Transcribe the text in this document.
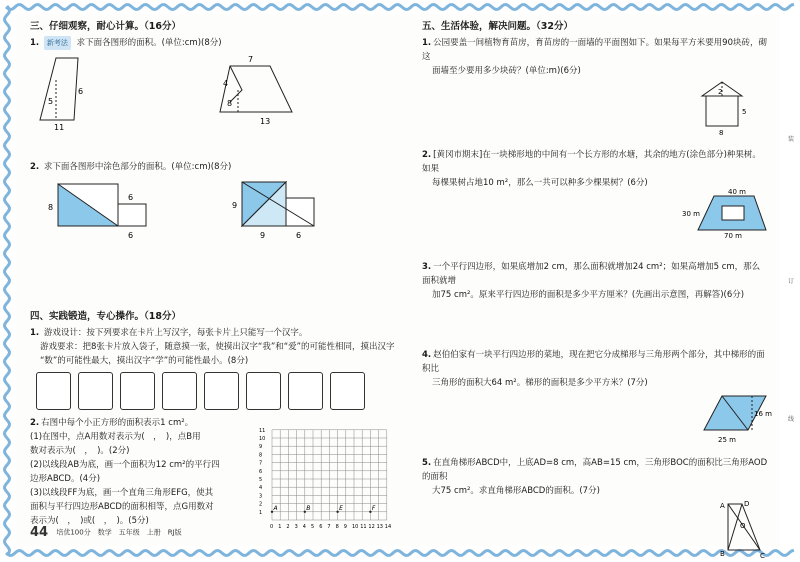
三、仔细观察，耐心计算。（16分）

1. 新考法 求下面各图形的面积。(单位:cm)(8分)

6
5
11
7
4
8
13

2. 求下面各图形中涂色部分的面积。(单位:cm)(8分)

8
6
6
9
9	6

四、实践锻造，专心操作。（18分）

1. 游戏设计：按下列要求在卡片上写汉字，每张卡片上只能写一个汉字。

游戏要求：把8张卡片放入袋子，随意摸一张，使摸出汉字“我”和“爱”的可能性相同，摸出汉字

“数”的可能性最大，摸出汉字“学”的可能性最小。(8分)

2. 右图中每个小正方形的面积表示1 cm²。

(1)在图中，点A用数对表示为(　，　)，点B用

数对表示为(　，　)。(2分)

(2)以线段AB为底，画一个面积为12 cm²的平行四

边形ABCD。(4分)

(3)以线段FF为底，画一个直角三角形EFG，使其

面积与平行四边形ABCD的面积相等，点G用数对

表示为(　，　)或(　，　)。(5分)

0 1 2 3 4 5 6 7 8 9 10 11 12 13 14
11
10
9
8
7
6
5
4
3
2
1
A	B	E	F

五、生活体验，解决问题。（32分）

1. 公园要盖一间植物育苗房，育苗房的一面墙的平面图如下。如果每平方米要用90块砖，砌这

面墙至少要用多少块砖？(单位:m)(6分)

2
5
8

2. [黄冈市期末]在一块梯形地的中间有一个长方形的水塘，其余的地方(涂色部分)种果树。如果

每棵果树占地10 m²，那么一共可以种多少棵果树？(6分)

40 m
30 m
70 m

3. 一个平行四边形，如果底增加2 cm，那么面积就增加24 cm²；如果高增加5 cm，那么面积就增

加75 cm²。原来平行四边形的面积是多少平方厘米？(先画出示意图，再解答)(6分)

4. 赵伯伯家有一块平行四边形的菜地，现在把它分成梯形与三角形两个部分，其中梯形的面积比

三角形的面积大64 m²。梯形的面积是多少平方米？(7分)

16 m
25 m

5. 在直角梯形ABCD中，上底AD=8 cm，高AB=15 cm，三角形BOC的面积比三角形AOD的面积

大75 cm²。求直角梯形ABCD的面积。(7分)

A	D
B	C
O
44 培优100分　数学　五年级　上册　RJ版
装
订
线
